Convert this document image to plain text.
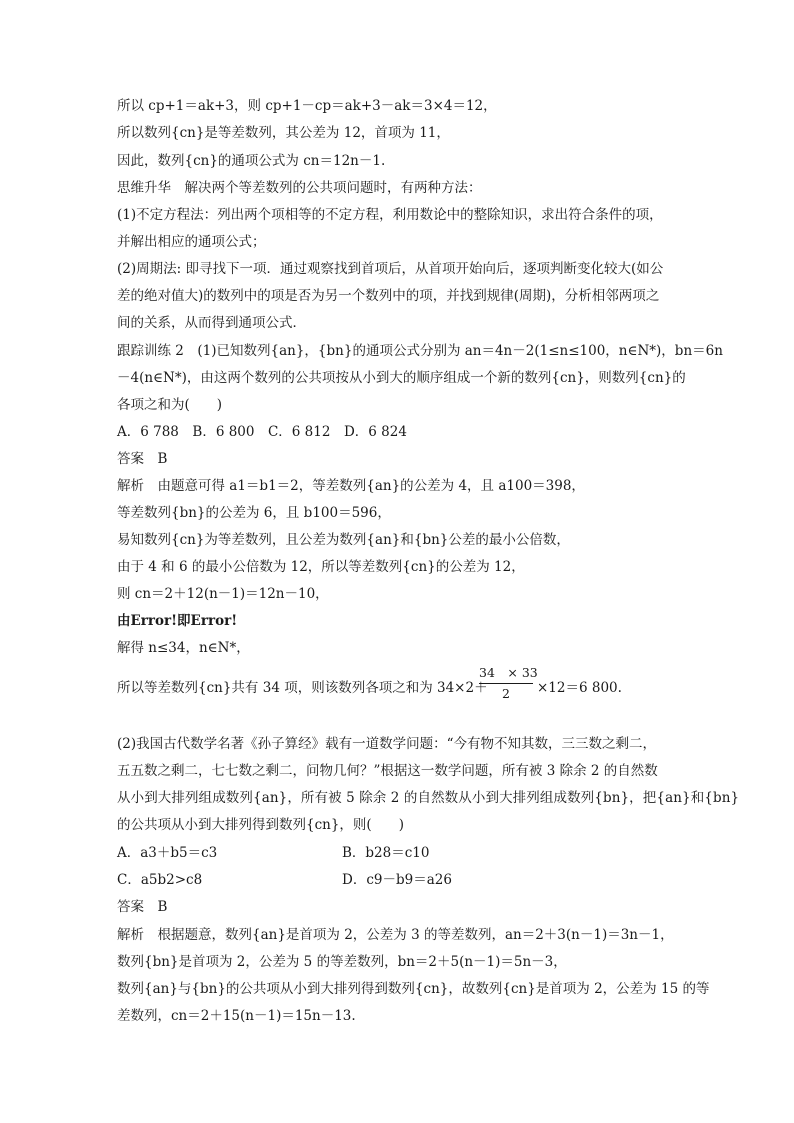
所以 cp+1＝ak+3，则 cp+1－cp＝ak+3－ak＝3×4＝12，
所以数列{cn}是等差数列，其公差为 12，首项为 11，
因此，数列{cn}的通项公式为 cn＝12n－1.
思维升华　解决两个等差数列的公共项问题时，有两种方法：
(1)不定方程法：列出两个项相等的不定方程，利用数论中的整除知识，求出符合条件的项，
并解出相应的通项公式；
(2)周期法: 即寻找下一项．通过观察找到首项后，从首项开始向后，逐项判断变化较大(如公
差的绝对值大)的数列中的项是否为另一个数列中的项，并找到规律(周期)，分析相邻两项之
间的关系，从而得到通项公式．
跟踪训练 2　(1)已知数列{an}，{bn}的通项公式分别为 an＝4n－2(1≤n≤100，n∈N*)，bn＝6n
－4(n∈N*)，由这两个数列的公共项按从小到大的顺序组成一个新的数列{cn}，则数列{cn}的
各项之和为(　　)
A．6 788　B．6 800　C．6 812　D．6 824
答案　B
解析　由题意可得 a1＝b1＝2，等差数列{an}的公差为 4，且 a100＝398，
等差数列{bn}的公差为 6，且 b100＝596，
易知数列{cn}为等差数列，且公差为数列{an}和{bn}公差的最小公倍数，
由于 4 和 6 的最小公倍数为 12，所以等差数列{cn}的公差为 12，
则 cn＝2＋12(n－1)＝12n－10，
由Error!即Error!
解得 n≤34，n∈N*，
所以等差数列{cn}共有 34 项，则该数列各项之和为 34×2＋
34　× 33
2	×12＝6 800.
(2)我国古代数学名著《孙子算经》载有一道数学问题：“今有物不知其数，三三数之剩二，
五五数之剩二，七七数之剩二，问物几何？”根据这一数学问题，所有被 3 除余 2 的自然数
从小到大排列组成数列{an}，所有被 5 除余 2 的自然数从小到大排列组成数列{bn}，把{an}和{bn}
的公共项从小到大排列得到数列{cn}，则(　　)
A．a3＋b5＝c3	B．b28＝c10
C．a5b2>c8	D．c9－b9＝a26
答案　B
解析　根据题意，数列{an}是首项为 2，公差为 3 的等差数列，an＝2＋3(n－1)＝3n－1，
数列{bn}是首项为 2，公差为 5 的等差数列，bn＝2＋5(n－1)＝5n－3，
数列{an}与{bn}的公共项从小到大排列得到数列{cn}，故数列{cn}是首项为 2，公差为 15 的等
差数列，cn＝2＋15(n－1)＝15n－13.
